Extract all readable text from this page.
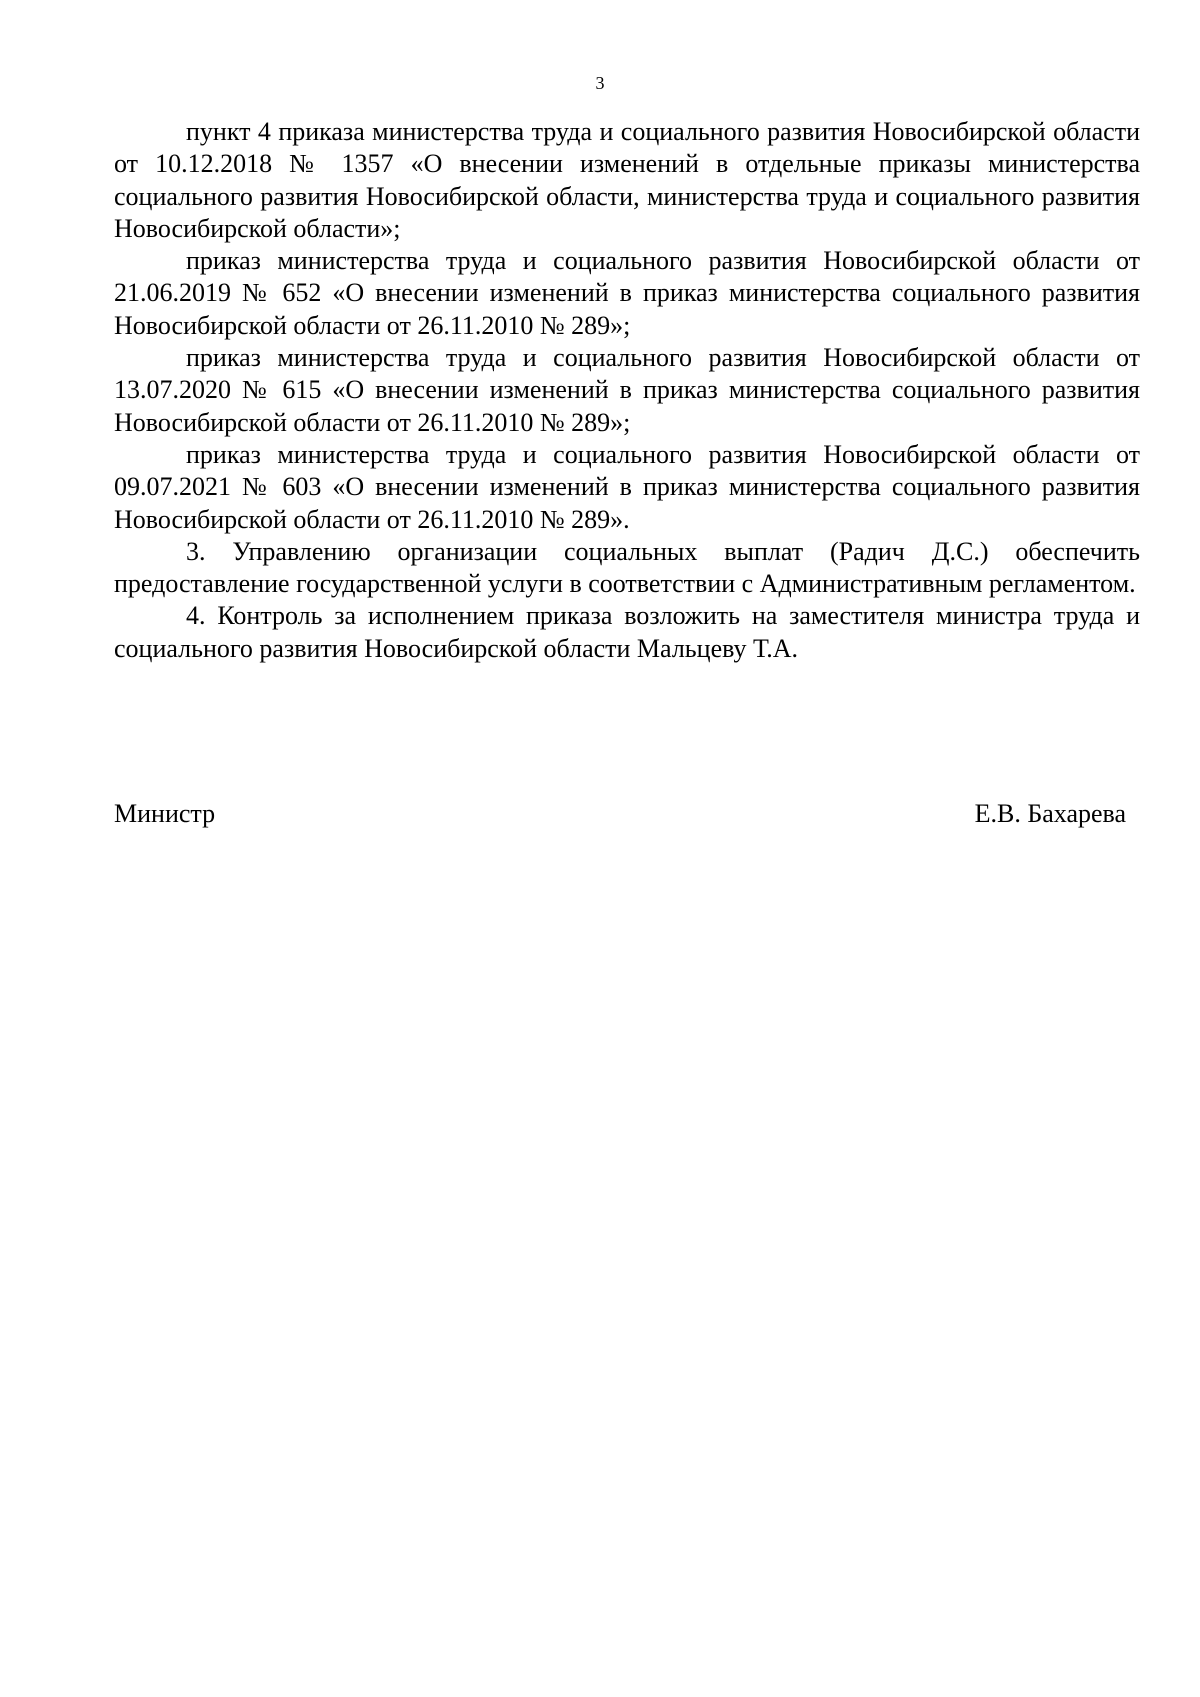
3

пункт 4 приказа министерства труда и социального развития Новосибирской области от 10.12.2018 № 1357 «О внесении изменений в отдельные приказы министерства социального развития Новосибирской области, министерства труда и социального развития Новосибирской области»;

приказ министерства труда и социального развития Новосибирской области от 21.06.2019 № 652 «О внесении изменений в приказ министерства социального развития Новосибирской области от 26.11.2010 № 289»;

приказ министерства труда и социального развития Новосибирской области от 13.07.2020 № 615 «О внесении изменений в приказ министерства социального развития Новосибирской области от 26.11.2010 № 289»;

приказ министерства труда и социального развития Новосибирской области от 09.07.2021 № 603 «О внесении изменений в приказ министерства социального развития Новосибирской области от 26.11.2010 № 289».

3. Управлению организации социальных выплат (Радич Д.С.) обеспечить предоставление государственной услуги в соответствии с Административным регламентом.

4. Контроль за исполнением приказа возложить на заместителя министра труда и социального развития Новосибирской области Мальцеву Т.А.

Министр	Е.В. Бахарева
